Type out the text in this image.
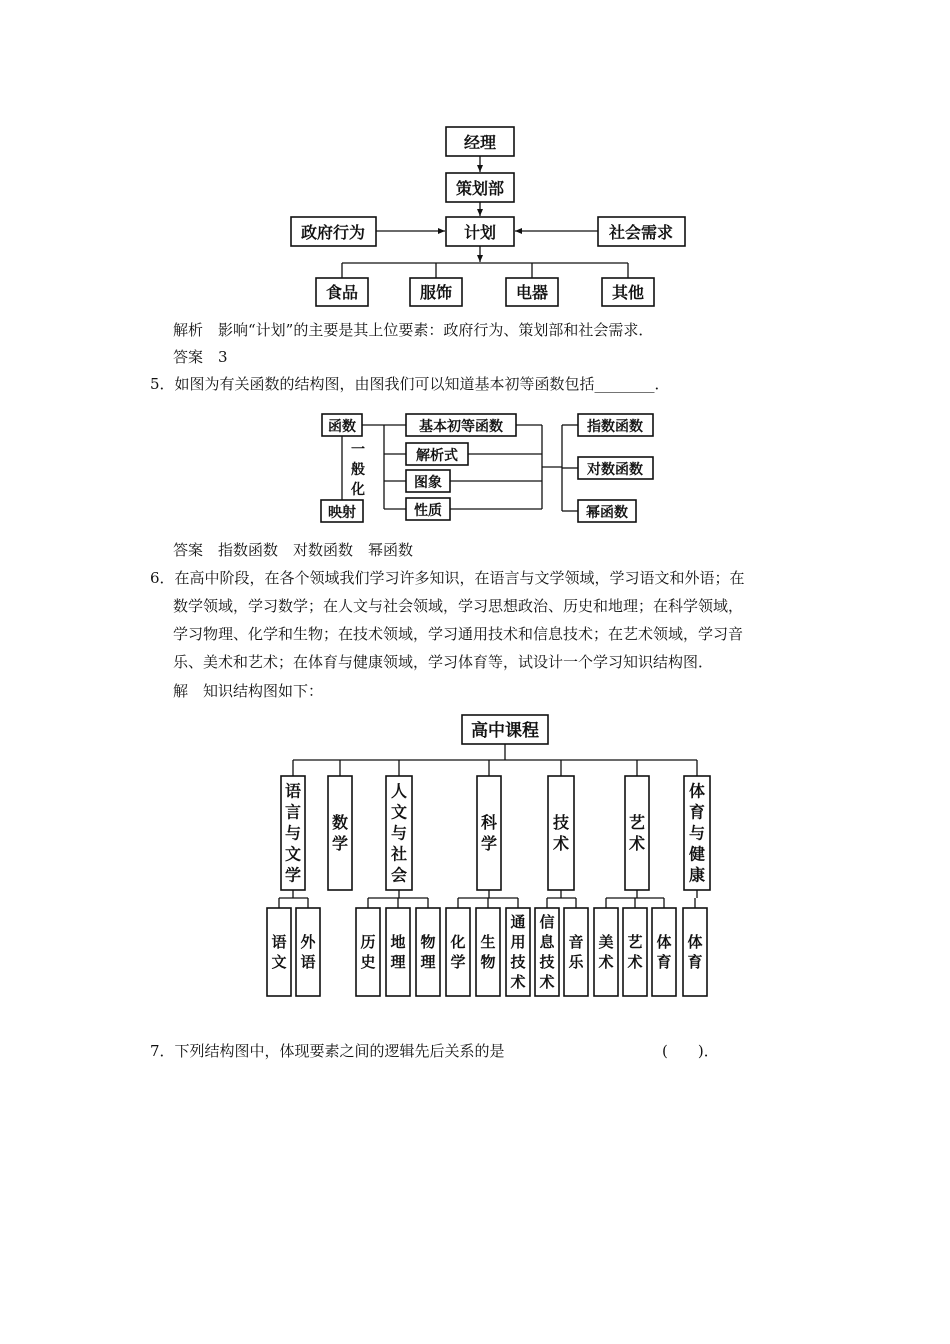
经理
策划部
计划
政府行为	社会需求
食品	服饰	电器	其他
函数
一
般
化
映射
基本初等函数
解析式
图象
性质
指数函数
对数函数
幂函数
高中课程
语
言
与
文
学
数
学
人
文
与
社
会
科
学
技
术
艺
术
体
育
与
健
康
语
文
外
语
历
史
地
理
物
理
化
学
生
物
通
用
技
术
信
息
技
术
音
乐
美
术
艺
术
体
育
体
育
解析　影响“计划”的主要是其上位要素：政府行为、策划部和社会需求．
答案　3
5．如图为有关函数的结构图，由图我们可以知道基本初等函数包括________．
答案　指数函数　对数函数　幂函数
6．在高中阶段，在各个领域我们学习许多知识，在语言与文学领域，学习语文和外语；在
数学领域，学习数学；在人文与社会领域，学习思想政治、历史和地理；在科学领域，
学习物理、化学和生物；在技术领域，学习通用技术和信息技术；在艺术领域，学习音
乐、美术和艺术；在体育与健康领域，学习体育等，试设计一个学习知识结构图．
解　知识结构图如下：
7．下列结构图中，体现要素之间的逻辑先后关系的是	(　　)．
